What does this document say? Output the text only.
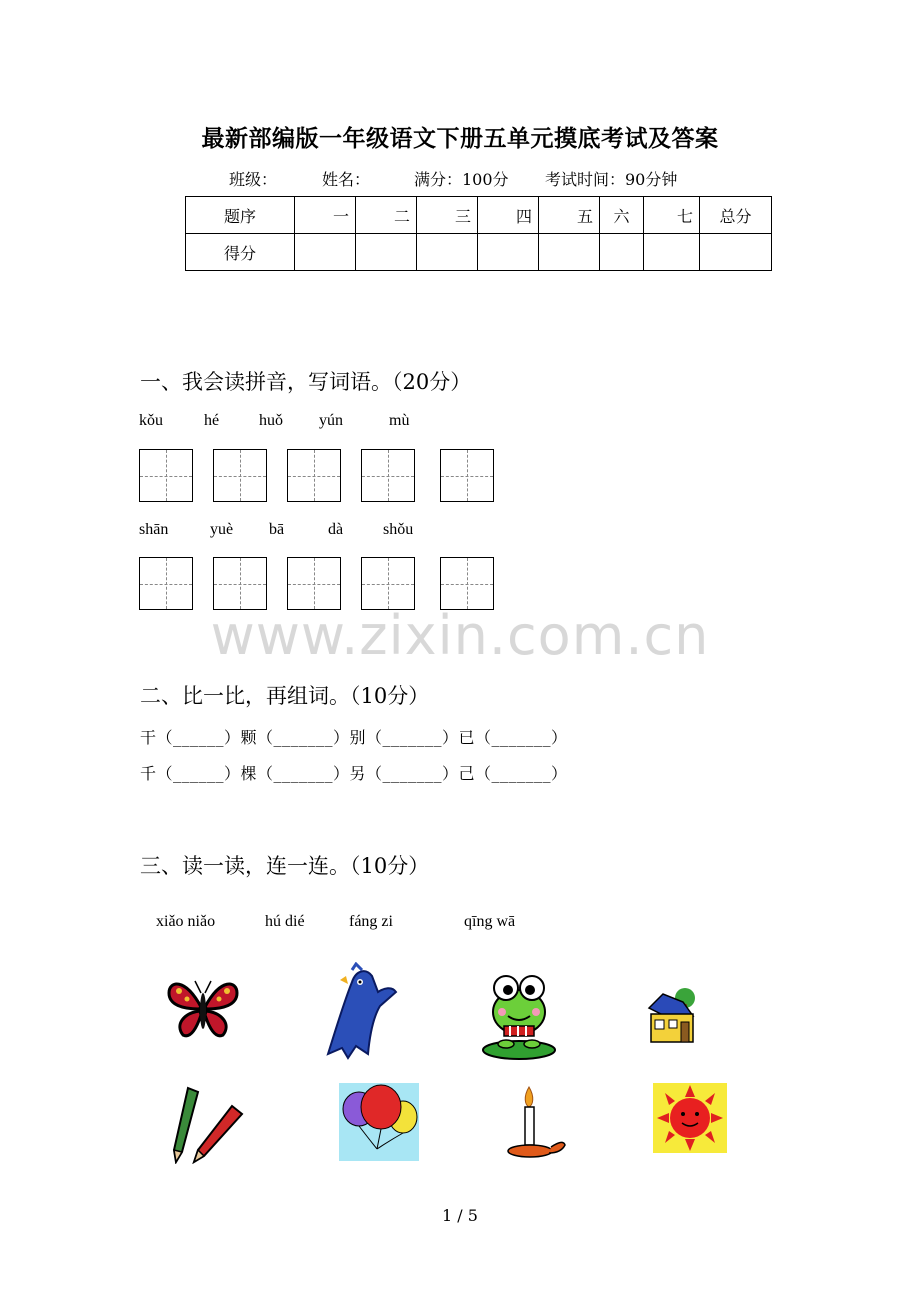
最新部编版一年级语文下册五单元摸底考试及答案
班级：	姓名：	满分：100分 考试时间：90分钟
题序	一	二	三	四	五	六	七	总分
得分								
一、我会读拼音，写词语。（20分）
kǒu	hé huǒ yún	mù
shān	yuè bā	dà shǒu
www.zixin.com.cn
二、比一比，再组词。（10分）
干（______）颗（_______）别（_______）已（_______）
千（______）棵（_______）另（_______）己（_______）
三、读一读，连一连。（10分）
xiǎo niǎo	hú dié	fáng zi	qīng wā
1 / 5
